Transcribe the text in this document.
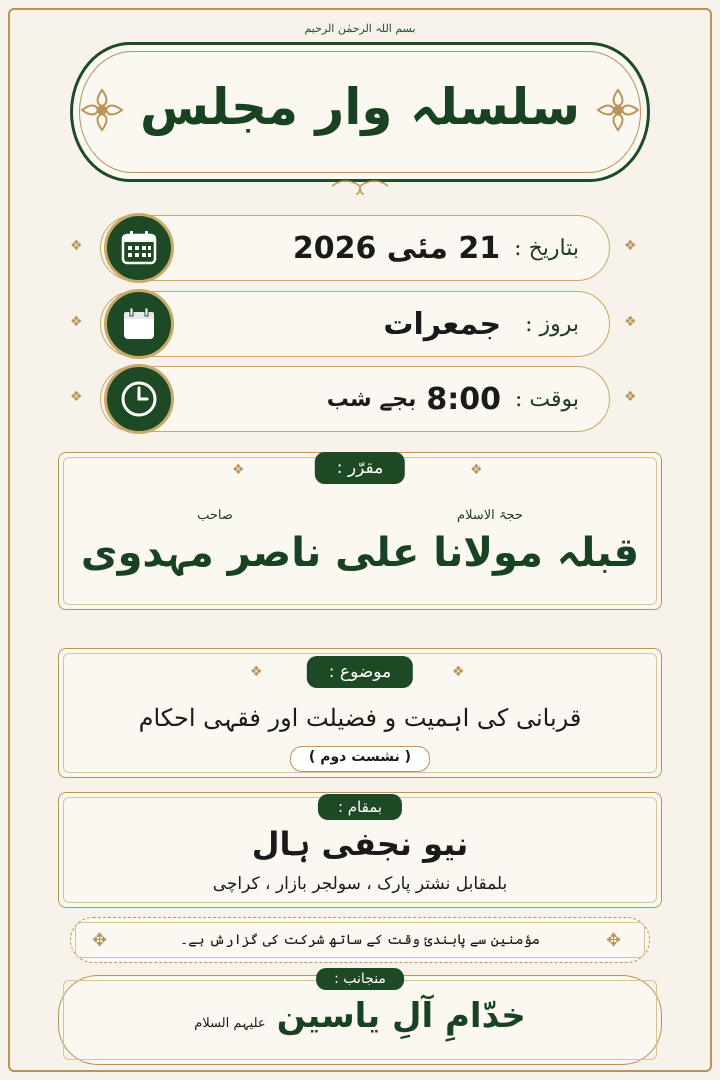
بسم اللہ الرحمٰن الرحیم
سلسلہ وار مجلس
بتاریخ :
21 مئی 2026
❖	❖
بروز :
جمعرات
❖	❖
بوقت :
8:00
بجے شب
❖	❖
مقرّر :
❖	❖
حجۃ الاسلام صاحب
قبلہ مولانا علی ناصر مہدوی
موضوع :
❖	❖
قربانی کی اہمیت و فضیلت اور فقہی احکام
( نشست دوم )
بمقام :
نیو نجفی ہال
بلمقابل نشتر پارک ، سولجر بازار ، کراچی
✥	✥
مؤمنین سے پابندئ وقت کے ساتھ شرکت کی گزارش ہے۔
منجانب :
خدّامِ آلِ یاسین علیہم السلام
